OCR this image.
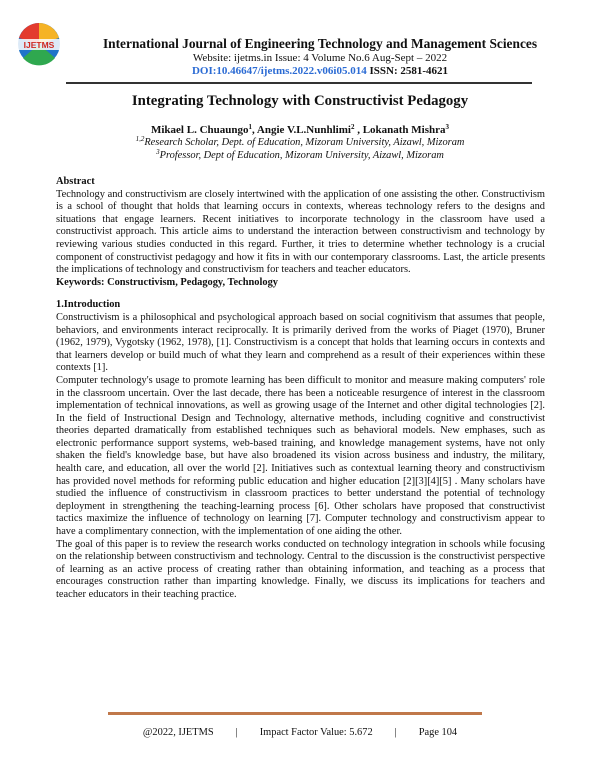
IJETMS	International Journal of Engineering Technology and Management Sciences
Website: ijetms.in Issue: 4 Volume No.6 Aug-Sept – 2022
DOI:10.46647/ijetms.2022.v06i05.014 ISSN: 2581-4621
Integrating Technology with Constructivist Pedagogy
Mikael L. Chuaungo$^1$, Angie V.L.Nunhlimi$^2$ , Lokanath Mishra$^3$
$^{1,2}$Research Scholar, Dept. of Education, Mizoram University, Aizawl, Mizoram
$^3$Professor, Dept of Education, Mizoram University, Aizawl, Mizoram

Abstract

Technology and constructivism are closely intertwined with the application of one assisting the other. Constructivism is a school of thought that holds that learning occurs in contexts, whereas technology refers to the designs and situations that engage learners. Recent initiatives to incorporate technology in the classroom have used a constructivist approach. This article aims to understand the interaction between constructivism and technology by reviewing various studies conducted in this regard. Further, it tries to determine whether technology is a crucial component of constructivist pedagogy and how it fits in with our contemporary classrooms. Last, the article presents the implications of technology and constructivism for teachers and teacher educators.

Keywords: Constructivism, Pedagogy, Technology

1.Introduction

Constructivism is a philosophical and psychological approach based on social cognitivism that assumes that people, behaviors, and environments interact reciprocally. It is primarily derived from the works of Piaget (1970), Bruner (1962, 1979), Vygotsky (1962, 1978), [1]. Constructivism is a concept that holds that learning occurs in contexts and that learners develop or build much of what they learn and comprehend as a result of their experiences within these contexts [1].

Computer technology's usage to promote learning has been difficult to monitor and measure making computers' role in the classroom uncertain. Over the last decade, there has been a noticeable resurgence of interest in the classroom implementation of technical innovations, as well as growing usage of the Internet and other digital technologies [2]. In the field of Instructional Design and Technology, alternative methods, including cognitive and constructivist theories departed dramatically from established techniques such as behavioral models. New emphases, such as electronic performance support systems, web-based training, and knowledge management systems, have not only shaken the field's knowledge base, but have also broadened its vision across business and industry, the military, health care, and education, all over the world [2]. Initiatives such as contextual learning theory and constructivism has provided novel methods for reforming public education and higher education [2][3][4][5] . Many scholars have studied the influence of constructivism in classroom practices to better understand the potential of technology deployment in strengthening the teaching-learning process [6]. Other scholars have proposed that constructivist tactics maximize the influence of technology on learning [7]. Computer technology and constructivism appear to have a complimentary connection, with the implementation of one aiding the other.

The goal of this paper is to review the research works conducted on technology integration in schools while focusing on the relationship between constructivism and technology. Central to the discussion is the constructivist perspective of learning as an active process of creating rather than obtaining information, and teaching as a process that encourages construction rather than imparting knowledge. Finally, we discuss its implications for teachers and teacher educators in their teaching practice.

@2022, IJETMS | Impact Factor Value: 5.672 | Page 104
